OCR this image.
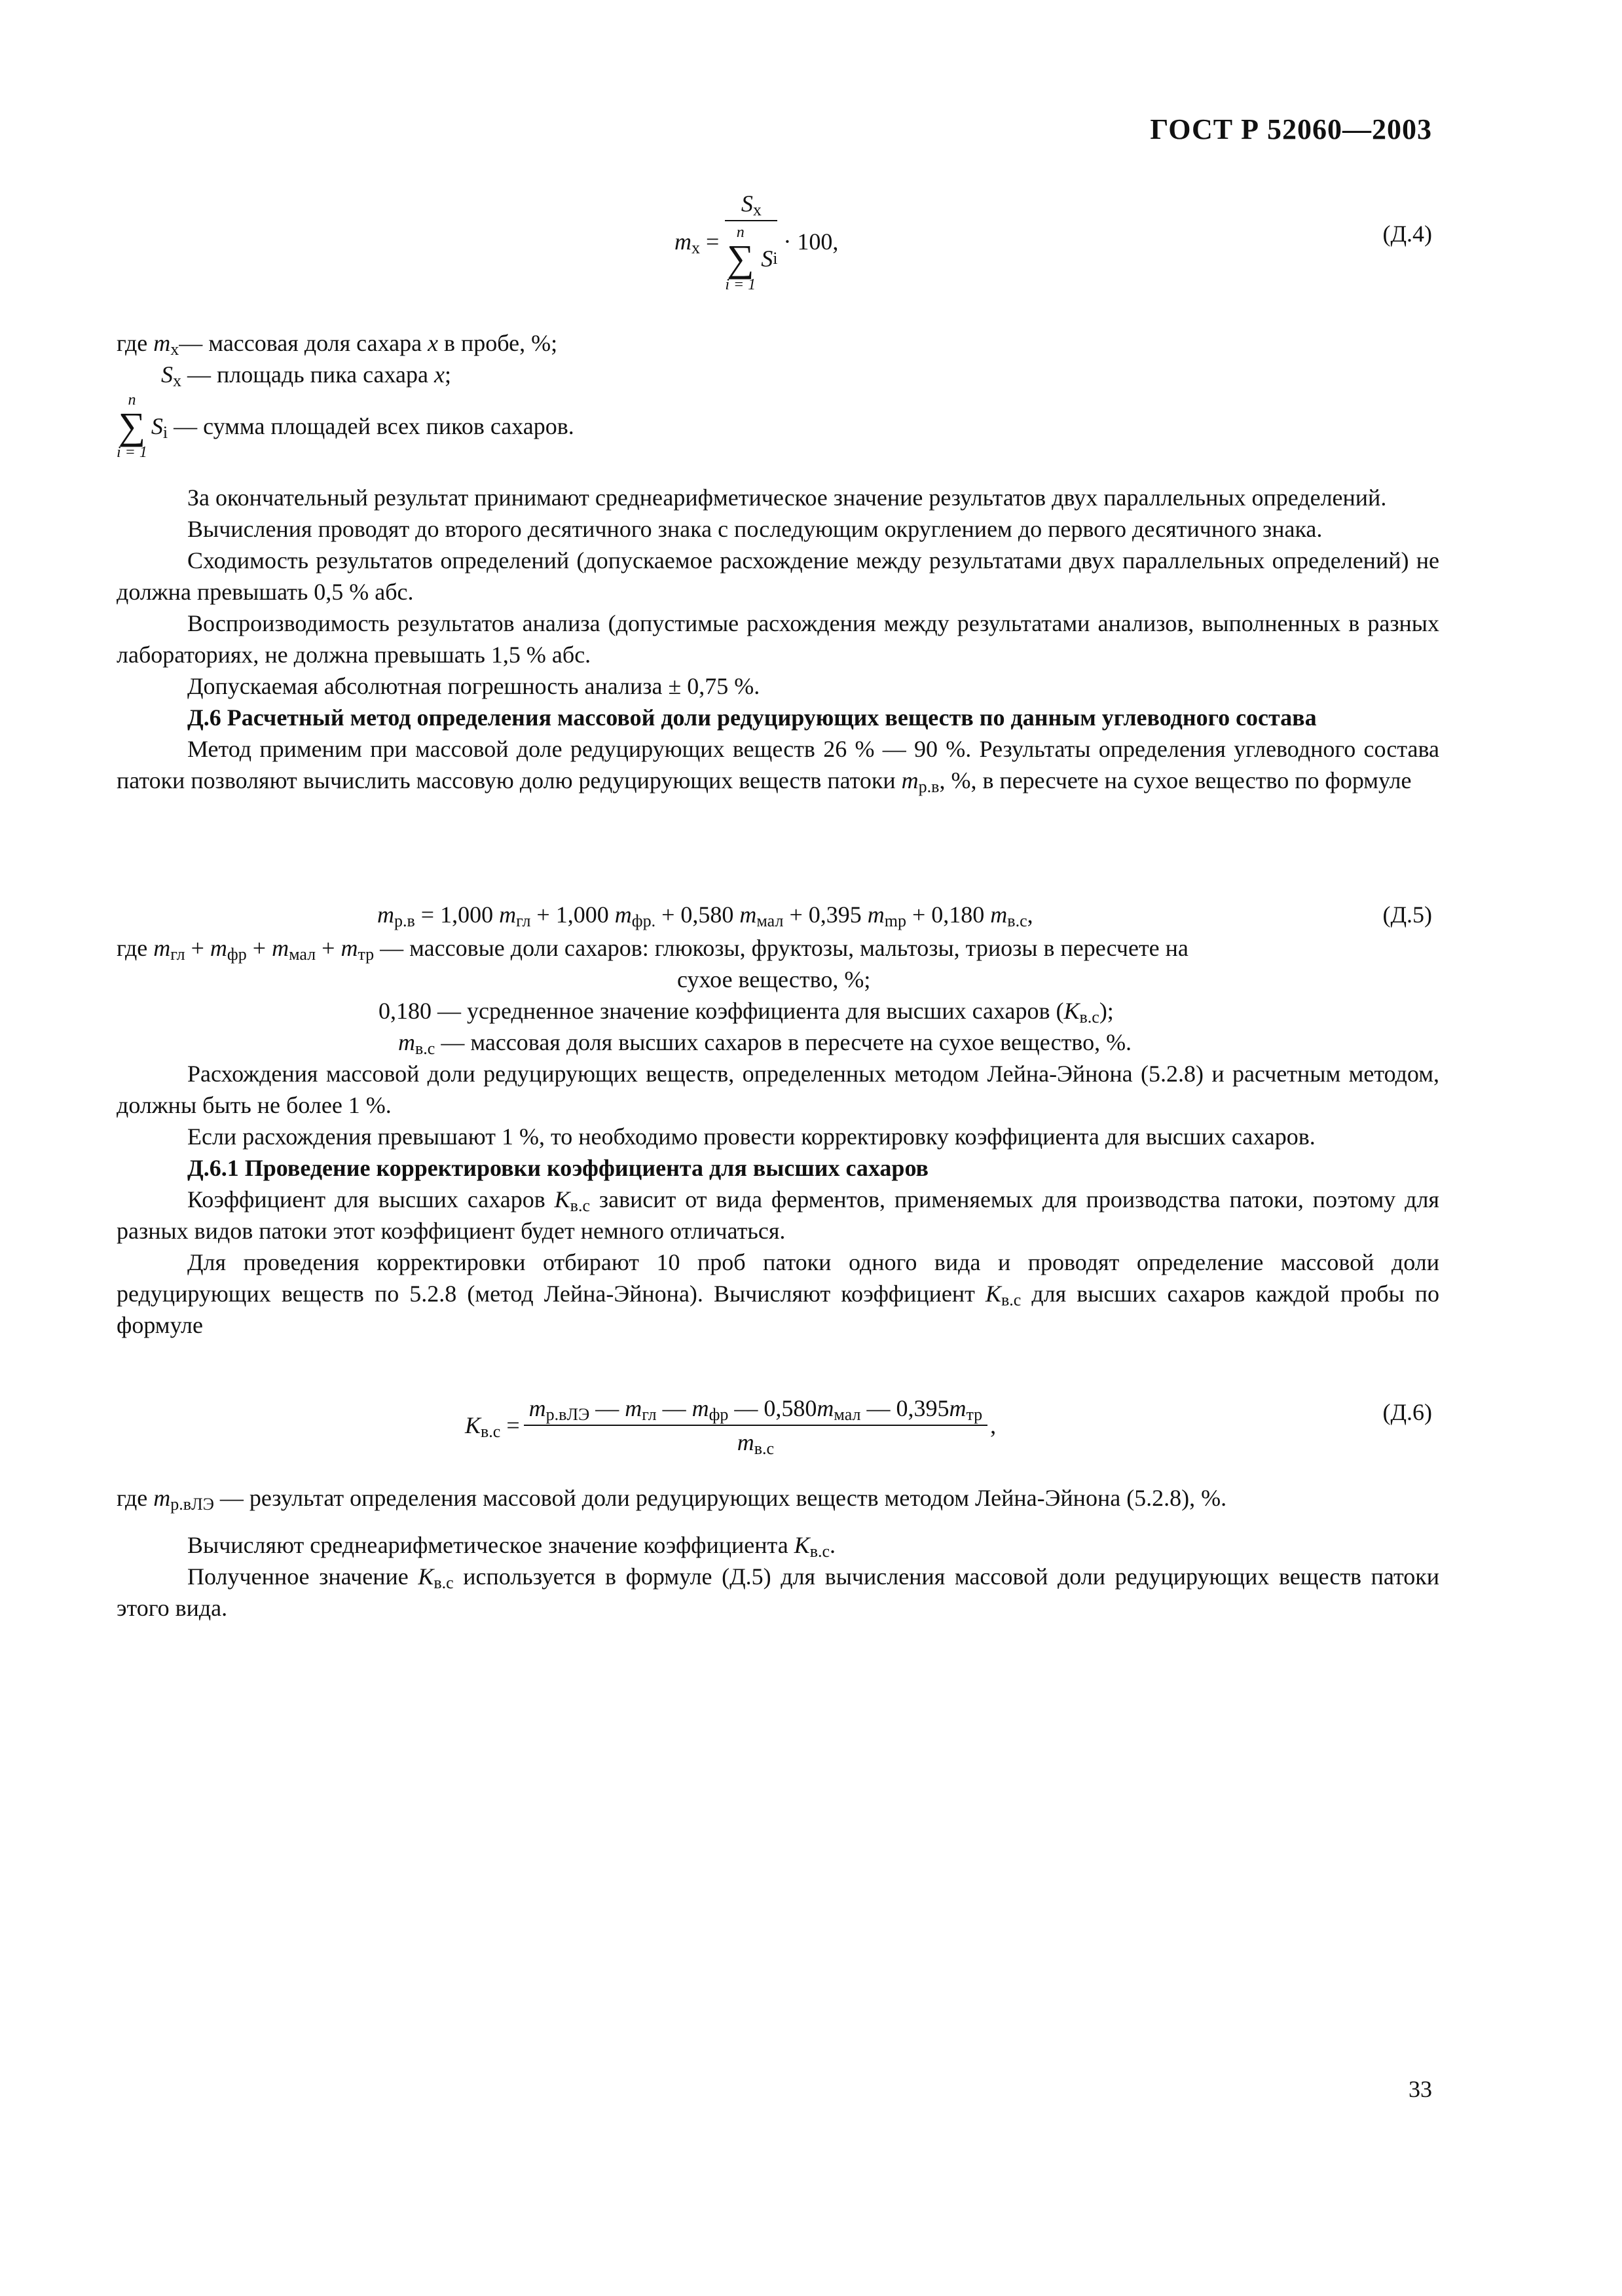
ГОСТ Р 52060—2003
$m_x = S_x$
n
∑
i = 1
S i · 100,	(Д.4)
где $m_x—$ массовая доля сахара x в пробе, %;
$S_x$ — площадь пика сахара x;
n
∑
i = 1
$S_i$ — сумма площадей всех пиков сахаров.

За окончательный результат принимают среднеарифметическое значение результатов двух параллельных определений.

Вычисления проводят до второго десятичного знака с последующим округлением до первого десятичного знака.

Сходимость результатов определений (допускаемое расхождение между результатами двух параллельных определений) не должна превышать 0,5 % абс.

Воспроизводимость результатов анализа (допустимые расхождения между результатами анализов, выполненных в разных лабораториях, не должна превышать 1,5 % абс.

Допускаемая абсолютная погрешность анализа ± 0,75 %.

Д.6 Расчетный метод определения массовой доли редуцирующих веществ по данным углеводного состава

Метод применим при массовой доле редуцирующих веществ 26 % — 90 %. Результаты определения углеводного состава патоки позволяют вычислить массовую долю редуцирующих веществ патоки $m_{р.в}$, %, в пересчете на сухое вещество по формуле

$m_{р.в} = 1,000$ $m_{гл} + 1,000$ $m_{фр.} + 0,580$ $m_{мал} + 0,395$ $m_{mр} + 0,180$ $m_{в.с}$,	(Д.5)
где $m_{гл} + m_{фр} + m_{мал} + m_{тр}$ — массовые доли сахаров: глюкозы, фруктозы, мальтозы, триозы в пересчете на
сухое вещество, %;
0,180 — усредненное значение коэффициента для высших сахаров $(K_{в.с})$;
$m_{в.с}$ — массовая доля высших сахаров в пересчете на сухое вещество, %.

Расхождения массовой доли редуцирующих веществ, определенных методом Лейна-Эйнона (5.2.8) и расчетным методом, должны быть не более 1 %.

Если расхождения превышают 1 %, то необходимо провести корректировку коэффициента для высших сахаров.

Д.6.1 Проведение корректировки коэффициента для высших сахаров

Коэффициент для высших сахаров $K_{в.с}$ зависит от вида ферментов, применяемых для производства патоки, поэтому для разных видов патоки этот коэффициент будет немного отличаться.

Для проведения корректировки отбирают 10 проб патоки одного вида и проводят определение массовой доли редуцирующих веществ по 5.2.8 (метод Лейна-Эйнона). Вычисляют коэффициент $K_{в.с}$ для высших сахаров каждой пробы по формуле

$K_{в.с} = \frac{m_{р.вЛЭ} — m_{гл} — m_{фр} — 0,580m_{мал} — 0,395m_{тр}}{m_{в.с}}$ ,	(Д.6)
где $m_{р.вЛЭ}$ — результат определения массовой доли редуцирующих веществ методом Лейна-Эйнона (5.2.8), %.

Вычисляют среднеарифметическое значение коэффициента $K_{в.с}$.

Полученное значение $K_{в.с}$ используется в формуле (Д.5) для вычисления массовой доли редуцирующих веществ патоки этого вида.

33
